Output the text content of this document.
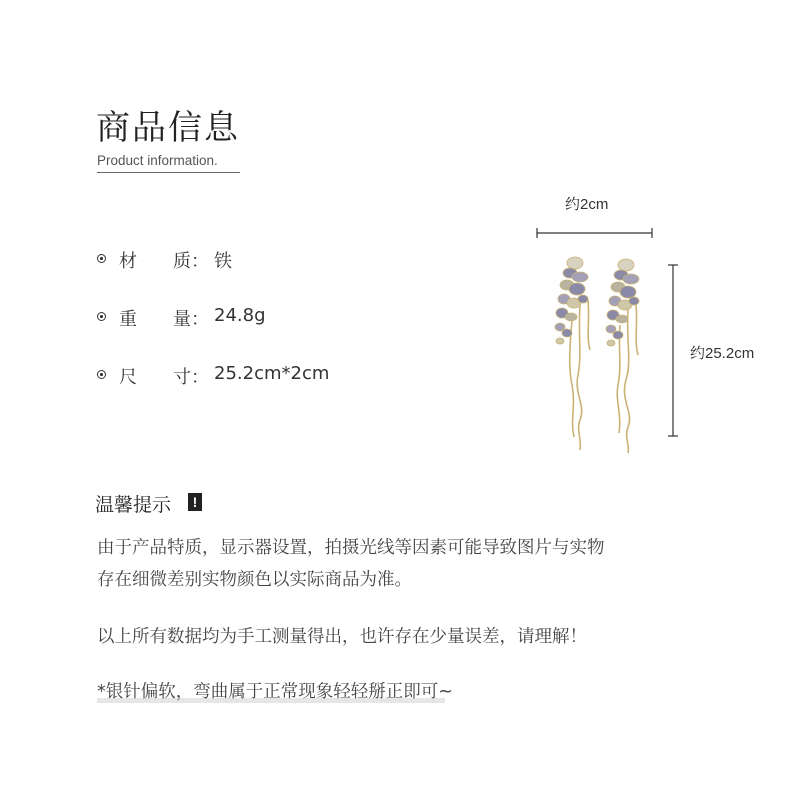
商品信息
Product information.
材　　质： 铁
重　　量： 24.8g
尺　　寸： 25.2cm*2cm
约2cm
约25.2cm
温馨提示	!
由于产品特质，显示器设置，拍摄光线等因素可能导致图片与实物
存在细微差别实物颜色以实际商品为准。
以上所有数据均为手工测量得出，也许存在少量误差，请理解！
*银针偏软，弯曲属于正常现象轻轻掰正即可~
